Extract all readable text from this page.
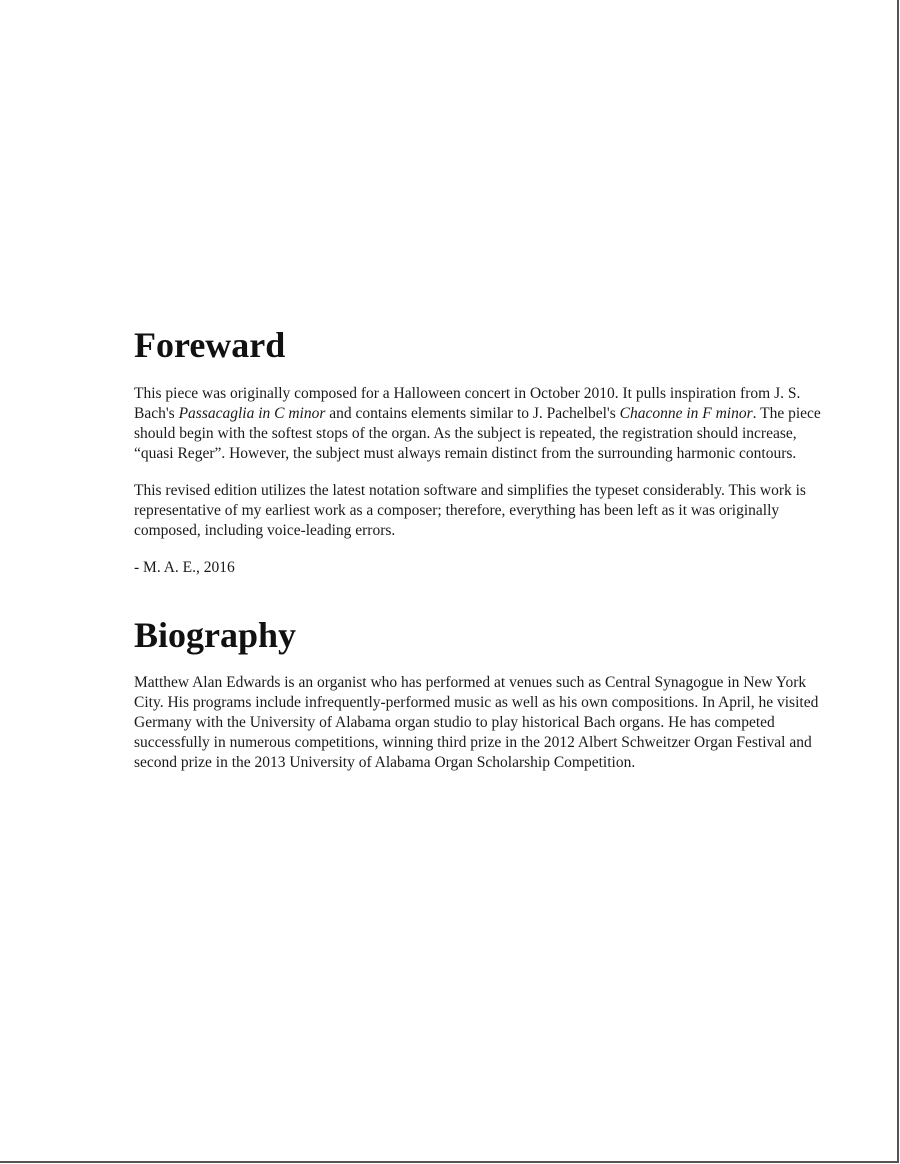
Foreward

This piece was originally composed for a Halloween concert in October 2010. It pulls inspiration from J. S. Bach's Passacaglia in C minor and contains elements similar to J. Pachelbel's Chaconne in F minor. The piece should begin with the softest stops of the organ. As the subject is repeated, the registration should increase, “quasi Reger”. However, the subject must always remain distinct from the surrounding harmonic contours.

This revised edition utilizes the latest notation software and simplifies the typeset considerably. This work is representative of my earliest work as a composer; therefore, everything has been left as it was originally composed, including voice-leading errors.

- M. A. E., 2016

Biography

Matthew Alan Edwards is an organist who has performed at venues such as Central Synagogue in New York City. His programs include infrequently-performed music as well as his own compositions. In April, he visited Germany with the University of Alabama organ studio to play historical Bach organs. He has competed successfully in numerous competitions, winning third prize in the 2012 Albert Schweitzer Organ Festival and second prize in the 2013 University of Alabama Organ Scholarship Competition.
